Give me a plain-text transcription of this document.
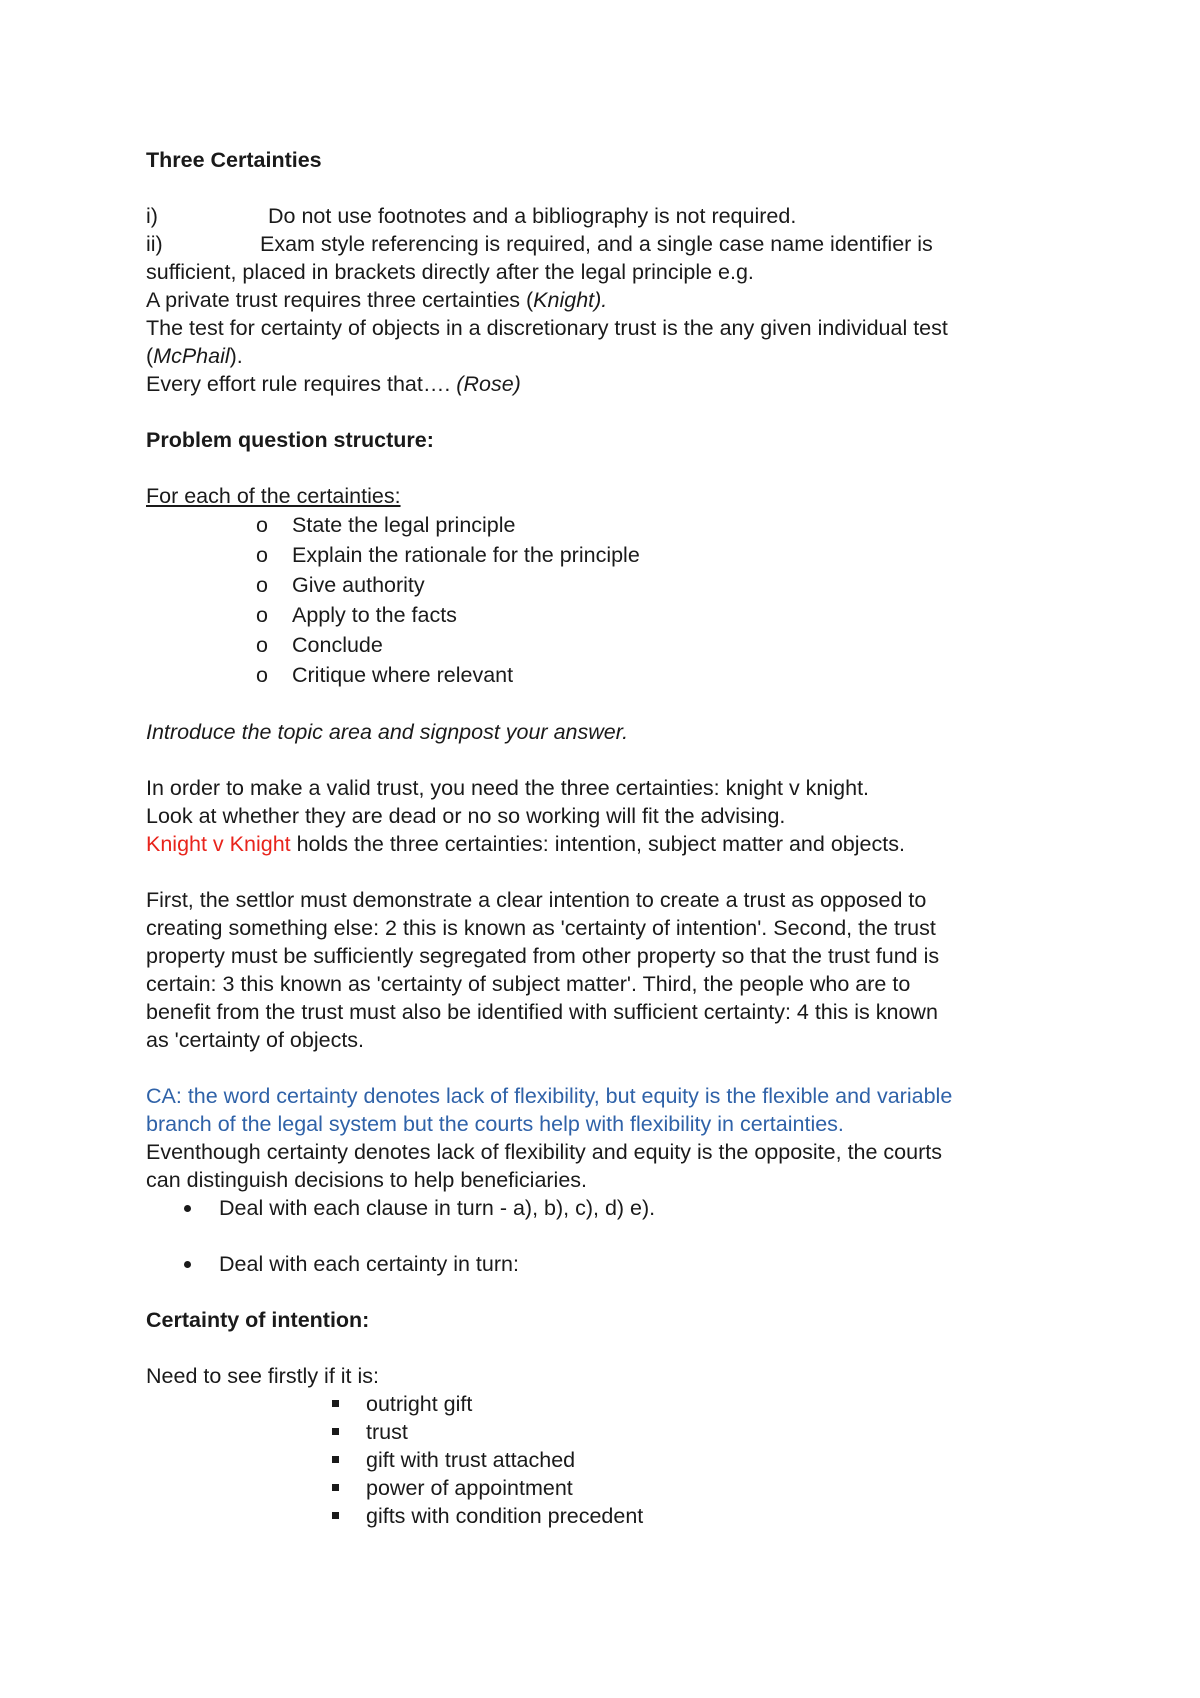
Three Certainties
i)	Do not use footnotes and a bibliography is not required.
ii)	Exam style referencing is required, and a single case name identifier is
sufficient, placed in brackets directly after the legal principle e.g.
A private trust requires three certainties (Knight).
The test for certainty of objects in a discretionary trust is the any given individual test
(McPhail).
Every effort rule requires that…. (Rose)
Problem question structure:
For each of the certainties:
o State the legal principle
o Explain the rationale for the principle
o Give authority
o Apply to the facts
o Conclude
o Critique where relevant
Introduce the topic area and signpost your answer.
In order to make a valid trust, you need the three certainties: knight v knight.
Look at whether they are dead or no so working will fit the advising.
Knight v Knight holds the three certainties: intention, subject matter and objects.
First, the settlor must demonstrate a clear intention to create a trust as opposed to
creating something else: 2 this is known as 'certainty of intention'. Second, the trust
property must be sufficiently segregated from other property so that the trust fund is
certain: 3 this known as 'certainty of subject matter'. Third, the people who are to
benefit from the trust must also be identified with sufficient certainty: 4 this is known
as 'certainty of objects.
CA: the word certainty denotes lack of flexibility, but equity is the flexible and variable
branch of the legal system but the courts help with flexibility in certainties.
Eventhough certainty denotes lack of flexibility and equity is the opposite, the courts
can distinguish decisions to help beneficiaries.
Deal with each clause in turn - a), b), c), d) e).
Deal with each certainty in turn:
Certainty of intention:
Need to see firstly if it is:
outright gift
trust
gift with trust attached
power of appointment
gifts with condition precedent
